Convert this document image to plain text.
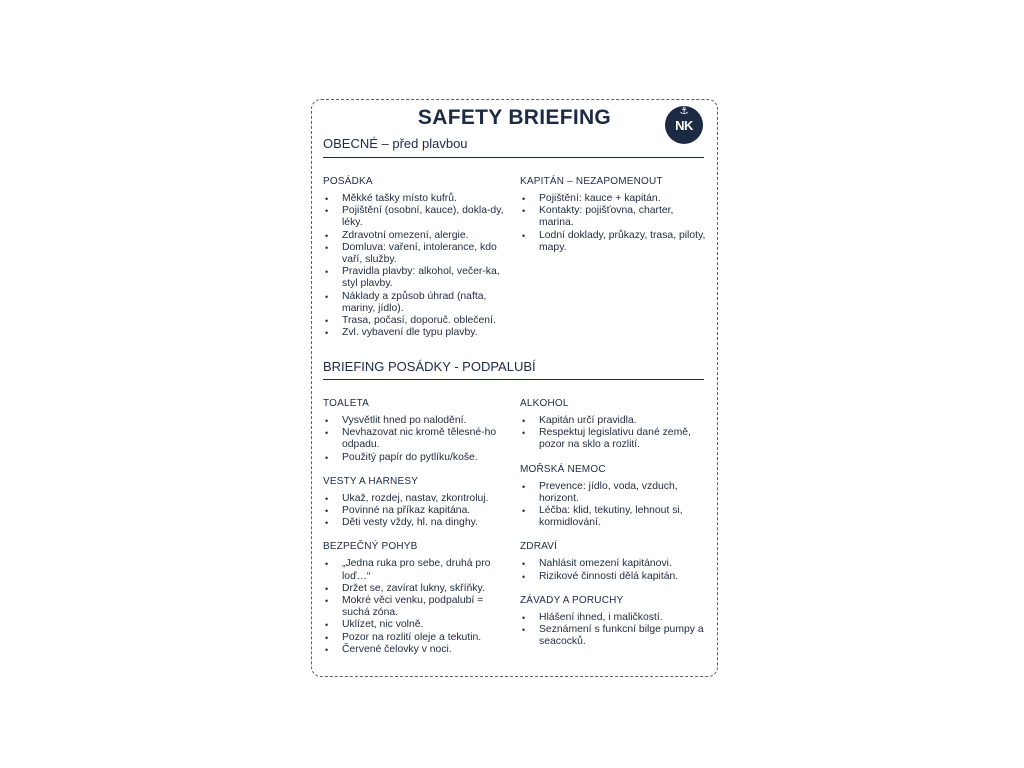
SAFETY BRIEFING	⚓
NK
OBECNÉ – před plavbou
POSÁDKA
• Měkké tašky místo kufrů.
• Pojištění (osobní, kauce), dokla-dy, léky.
• Zdravotní omezení, alergie.
• Domluva: vaření, intolerance, kdo vaří, služby.
• Pravidla plavby: alkohol, večer-ka, styl plavby.
• Náklady a způsob úhrad (nafta, mariny, jídlo).
• Trasa, počasí, doporuč. oblečení.
• Zvl. vybavení dle typu plavby.
KAPITÁN – NEZAPOMENOUT
• Pojištění: kauce + kapitán.
• Kontakty: pojišťovna, charter, marina.
• Lodní doklady, průkazy, trasa, piloty, mapy.
BRIEFING POSÁDKY - PODPALUBÍ
TOALETA
• Vysvětlit hned po nalodění.
• Nevhazovat nic kromě tělesné-ho odpadu.
• Použitý papír do pytlíku/koše.
VESTY A HARNESY
• Ukaž, rozdej, nastav, zkontroluj.
• Povinné na příkaz kapitána.
• Děti vesty vždy, hl. na dinghy.
BEZPEČNÝ POHYB
• „Jedna ruka pro sebe, druhá pro loď…“
• Držet se, zavírat lukny, skříňky.
• Mokré věci venku, podpalubí = suchá zóna.
• Uklízet, nic volně.
• Pozor na rozlití oleje a tekutin.
• Červené čelovky v noci.
ALKOHOL
• Kapitán určí pravidla.
• Respektuj legislativu dané země, pozor na sklo a rozlití.
MOŘSKÁ NEMOC
• Prevence: jídlo, voda, vzduch, horizont.
• Léčba: klid, tekutiny, lehnout si, kormidlování.
ZDRAVÍ
• Nahlásit omezení kapitánovi.
• Rizikové činnosti dělá kapitán.
ZÁVADY A PORUCHY
• Hlášení ihned, i maličkostí.
• Seznámení s funkcní bilge pumpy a seacocků.
